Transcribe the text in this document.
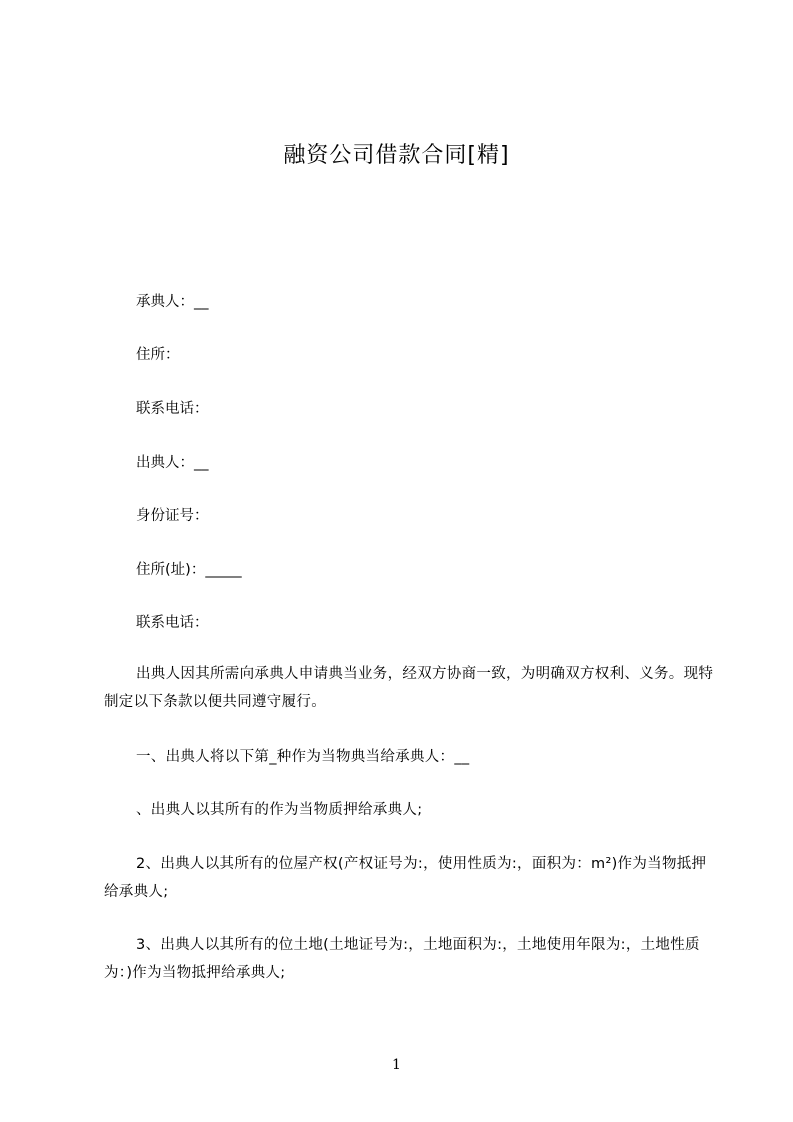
融资公司借款合同[精]
承典人：__
住所：
联系电话：
出典人：__
身份证号：
住所(址)：_____
联系电话：
出典人因其所需向承典人申请典当业务，经双方协商一致，为明确双方权利、义务。现特制定以下条款以便共同遵守履行。
一、出典人将以下第_种作为当物典当给承典人：__
、出典人以其所有的作为当物质押给承典人;
2、出典人以其所有的位屋产权(产权证号为:，使用性质为:，面积为：m²)作为当物抵押给承典人;
3、出典人以其所有的位土地(土地证号为:，土地面积为:，土地使用年限为:，土地性质为：)作为当物抵押给承典人;
1
